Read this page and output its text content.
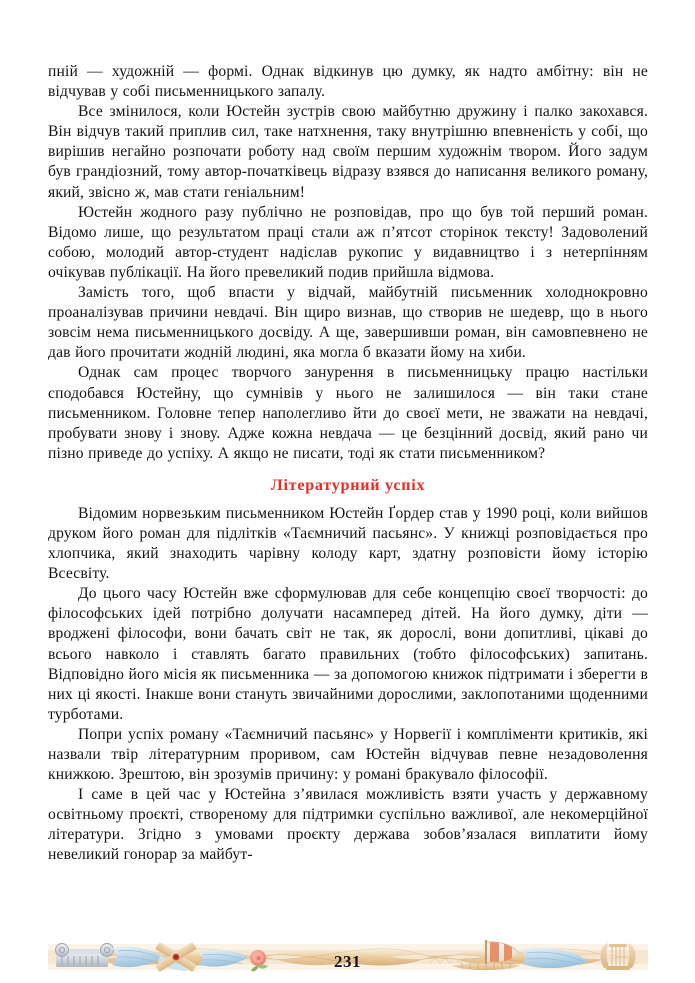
пній — художній — формі. Однак відкинув цю думку, як надто амбітну: він не відчував у собі письменницького запалу.

Все змінилося, коли Юстейн зустрів свою майбутню дружину і палко закохався. Він відчув такий приплив сил, таке натхнення, таку внутрішню впевненість у собі, що вирішив негайно розпочати роботу над своїм першим художнім твором. Його задум був грандіозний, тому автор-початківець відразу взявся до написання великого роману, який, звісно ж, мав стати геніальним!

Юстейн жодного разу публічно не розповідав, про що був той перший роман. Відомо лише, що результатом праці стали аж п’ятсот сторінок тексту! Задоволений собою, молодий автор-студент надіслав рукопис у видавництво і з нетерпінням очікував публікації. На його превеликий подив прийшла відмова.

Замість того, щоб впасти у відчай, майбутній письменник холоднокровно проаналізував причини невдачі. Він щиро визнав, що створив не шедевр, що в нього зовсім нема письменницького досвіду. А ще, завершивши роман, він самовпевнено не дав його прочитати жодній людині, яка могла б вказати йому на хиби.

Однак сам процес творчого занурення в письменницьку працю настільки сподобався Юстейну, що сумнівів у нього не залишилося — він таки стане письменником. Головне тепер наполегливо йти до своєї мети, не зважати на невдачі, пробувати знову і знову. Адже кожна невдача — це безцінний досвід, який рано чи пізно приведе до успіху. А якщо не писати, тоді як стати письменником?

Літературний успіх

Відомим норвезьким письменником Юстейн Ґордер став у 1990 році, коли вийшов друком його роман для підлітків «Таємничий пасьянс». У книжці розповідається про хлопчика, який знаходить чарівну колоду карт, здатну розповісти йому історію Всесвіту.

До цього часу Юстейн вже сформулював для себе концепцію своєї творчості: до філософських ідей потрібно долучати насамперед дітей. На його думку, діти — вроджені філософи, вони бачать світ не так, як дорослі, вони допитливі, цікаві до всього навколо і ставлять багато правильних (тобто філософських) запитань. Відповідно його місія як письменника — за допомогою книжок підтримати і зберегти в них ці якості. Інакше вони стануть звичайними дорослими, заклопотаними щоденними турботами.

Попри успіх роману «Таємничий пасьянс» у Норвегії і компліменти критиків, які назвали твір літературним проривом, сам Юстейн відчував певне незадоволення книжкою. Зрештою, він зрозумів причину: у романі бракувало філософії.

І саме в цей час у Юстейна з’явилася можливість взяти участь у державному освітньому проєкті, створеному для підтримки суспільно важливої, але некомерційної літератури. Згідно з умовами проєкту держава зобов’язалася виплатити йому невеликий гонорар за майбут-

231
